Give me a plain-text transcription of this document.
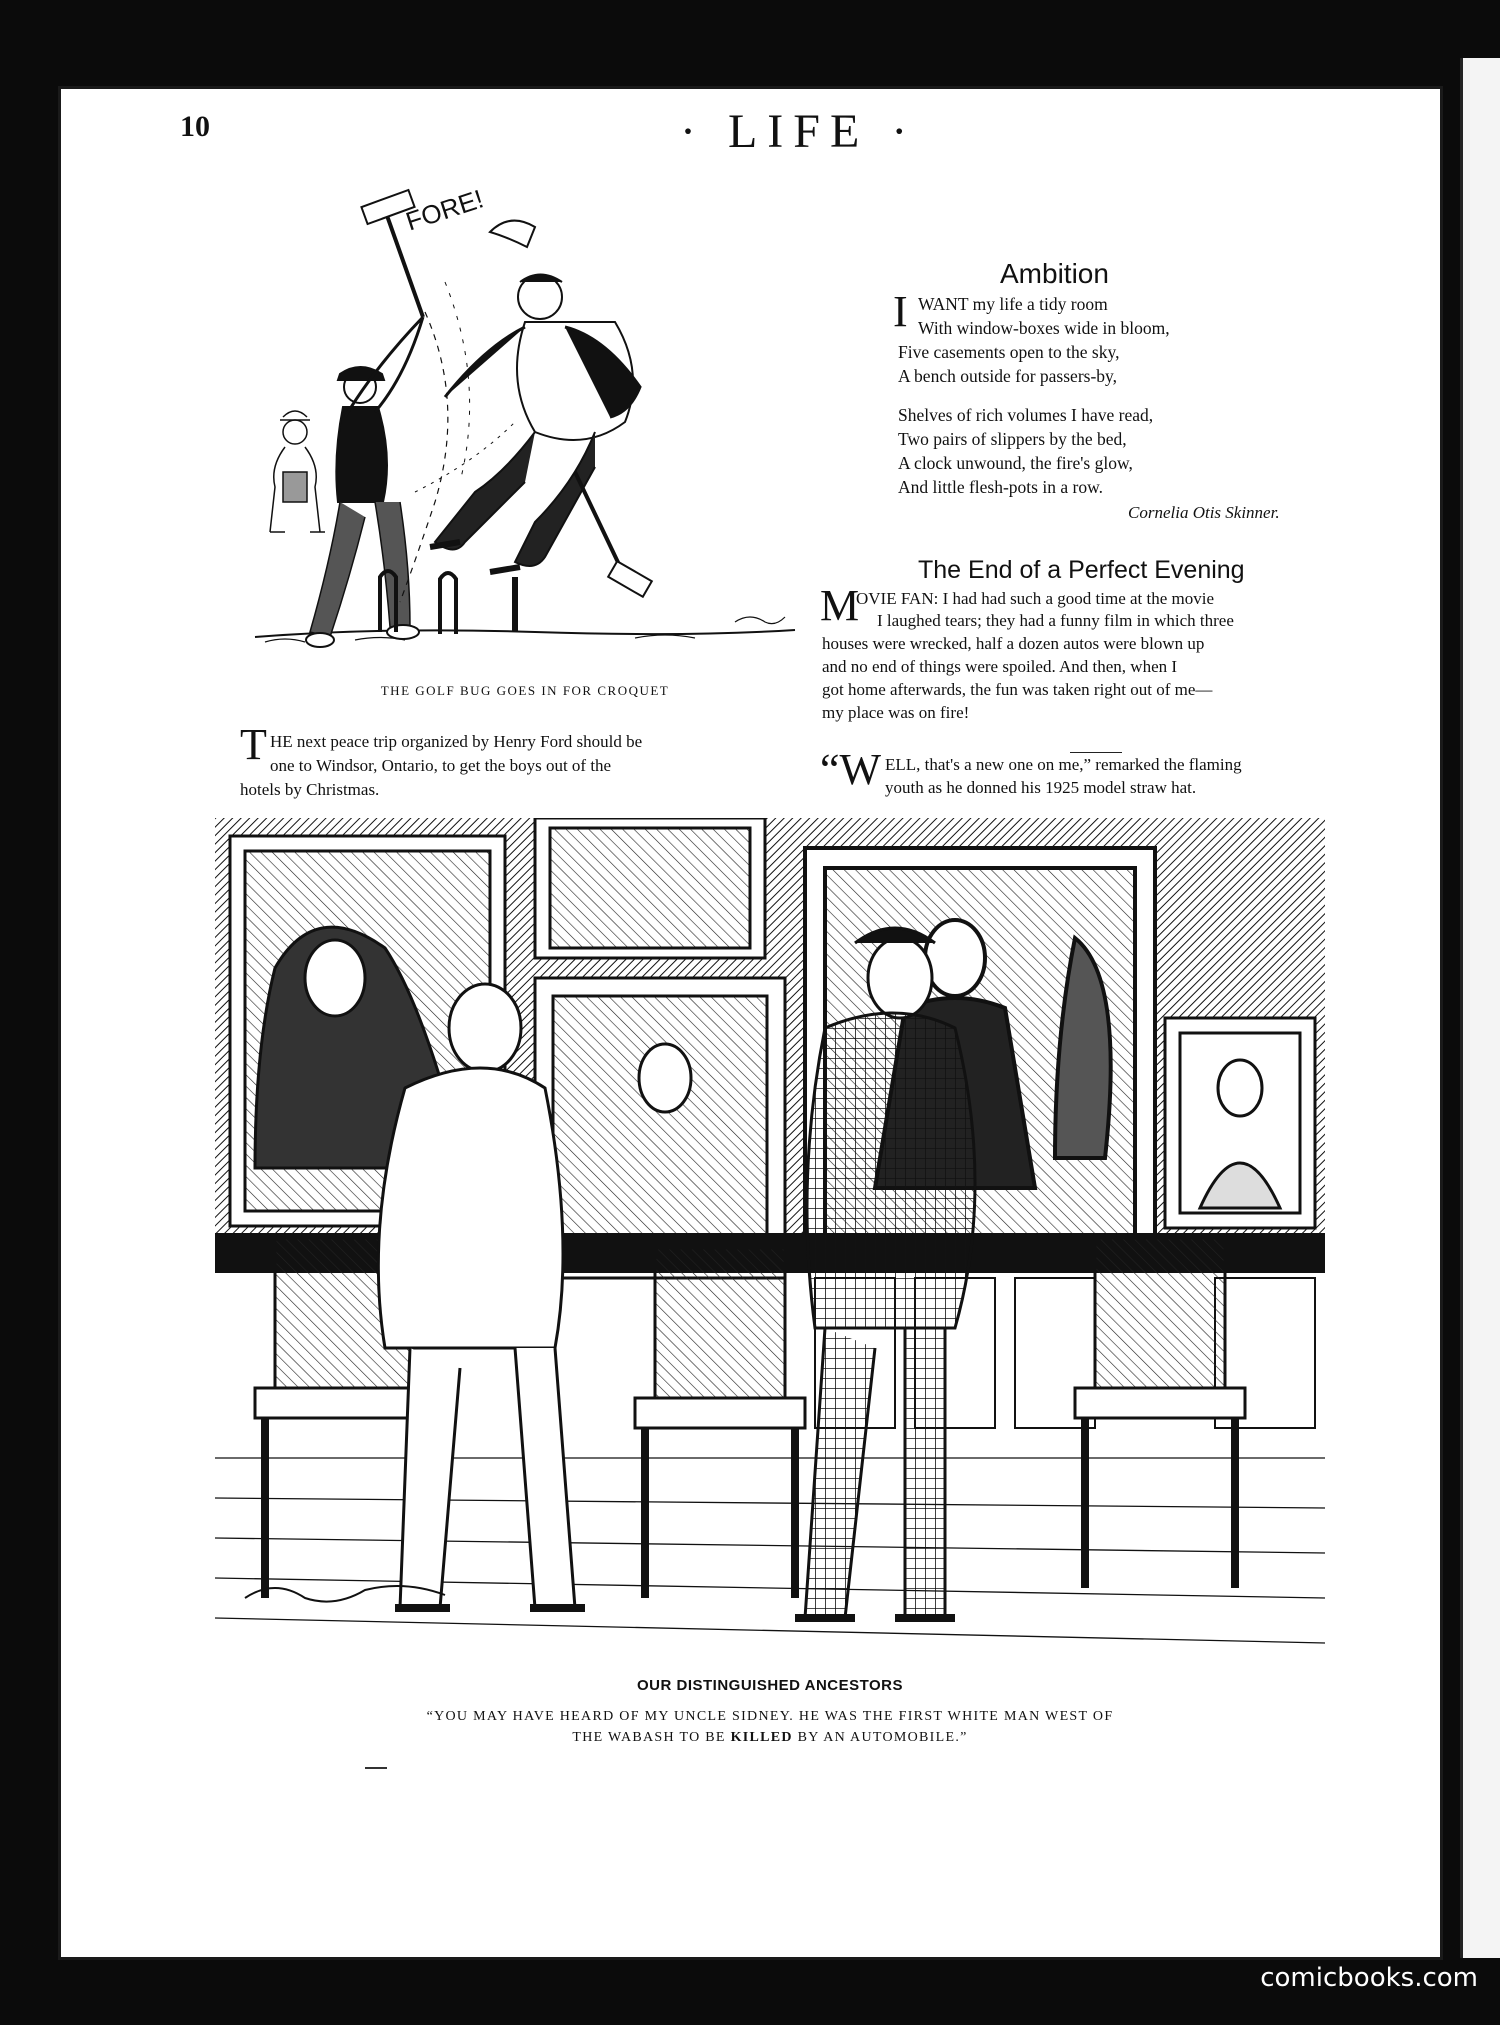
10	· LIFE ·
FORE!
THE GOLF BUG GOES IN FOR CROQUET
Ambition
I WANT my life a tidy room
With window-boxes wide in bloom,
Five casements open to the sky,
A bench outside for passers-by,
Shelves of rich volumes I have read,
Two pairs of slippers by the bed,
A clock unwound, the fire's glow,
And little flesh-pots in a row.
Cornelia Otis Skinner.
The End of a Perfect Evening
M
OVIE FAN: I had had such a good time at the movie
I laughed tears; they had a funny film in which three
houses were wrecked, half a dozen autos were blown up
and no end of things were spoiled. And then, when I
got home afterwards, the fun was taken right out of me—
my place was on fire!
“W ELL, that's a new one on me,” remarked the flaming
youth as he donned his 1925 model straw hat.
T HE next peace trip organized by Henry Ford should be
one to Windsor, Ontario, to get the boys out of the
hotels by Christmas.
OUR DISTINGUISHED ANCESTORS
“YOU MAY HAVE HEARD OF MY UNCLE SIDNEY. HE WAS THE FIRST WHITE MAN WEST OF
THE WABASH TO BE KILLED BY AN AUTOMOBILE.”
comicbooks.com
